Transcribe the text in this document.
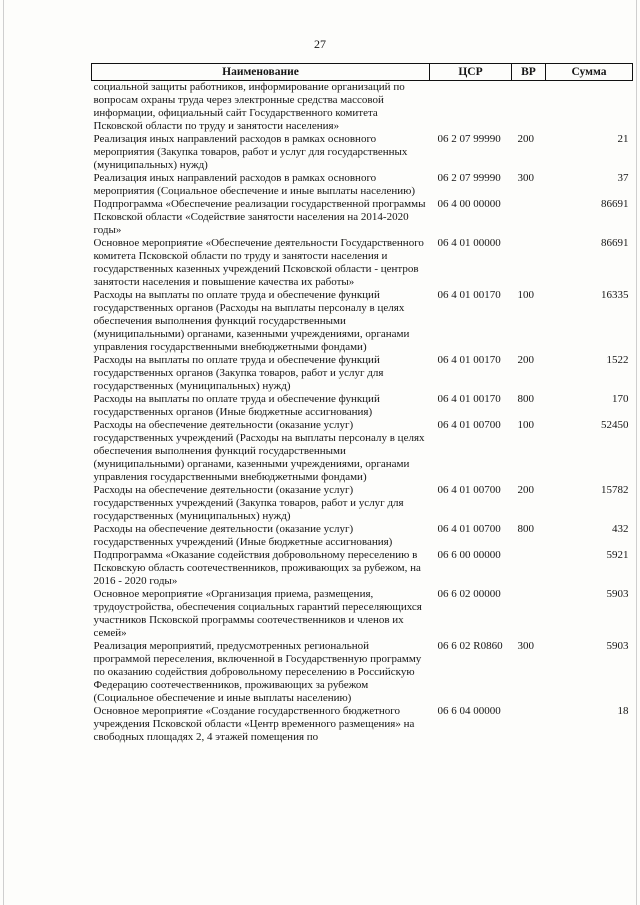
27
Наименование	ЦСР	ВР	Сумма
социальной защиты работников, информирование организаций по вопросам охраны труда через электронные средства массовой информации, официальный сайт Государственного комитета Псковской области по труду и занятости населения»			
Реализация иных направлений расходов в рамках основного мероприятия (Закупка товаров, работ и услуг для государственных (муниципальных) нужд)	06 2 07 99990	200	21
Реализация иных направлений расходов в рамках основного мероприятия (Социальное обеспечение и иные выплаты населению)	06 2 07 99990	300	37
Подпрограмма «Обеспечение реализации государственной программы Псковской области «Содействие занятости населения на 2014-2020 годы»	06 4 00 00000		86691
Основное мероприятие «Обеспечение деятельности Государственного комитета Псковской области по труду и занятости населения и государственных казенных учреждений Псковской области - центров занятости населения и повышение качества их работы»	06 4 01 00000		86691
Расходы на выплаты по оплате труда и обеспечение функций государственных органов (Расходы на выплаты персоналу в целях обеспечения выполнения функций государственными (муниципальными) органами, казенными учреждениями, органами управления государственными внебюджетными фондами)	06 4 01 00170	100	16335
Расходы на выплаты по оплате труда и обеспечение функций государственных органов (Закупка товаров, работ и услуг для государственных (муниципальных) нужд)	06 4 01 00170	200	1522
Расходы на выплаты по оплате труда и обеспечение функций государственных органов (Иные бюджетные ассигнования)	06 4 01 00170	800	170
Расходы на обеспечение деятельности (оказание услуг) государственных учреждений (Расходы на выплаты персоналу в целях обеспечения выполнения функций государственными (муниципальными) органами, казенными учреждениями, органами управления государственными внебюджетными фондами)	06 4 01 00700	100	52450
Расходы на обеспечение деятельности (оказание услуг) государственных учреждений (Закупка товаров, работ и услуг для государственных (муниципальных) нужд)	06 4 01 00700	200	15782
Расходы на обеспечение деятельности (оказание услуг) государственных учреждений (Иные бюджетные ассигнования)	06 4 01 00700	800	432
Подпрограмма «Оказание содействия добровольному переселению в Псковскую область соотечественников, проживающих за рубежом, на 2016 - 2020 годы»	06 6 00 00000		5921
Основное мероприятие «Организация приема, размещения, трудоустройства, обеспечения социальных гарантий переселяющихся участников Псковской программы соотечественников и членов их семей»	06 6 02 00000		5903
Реализация мероприятий, предусмотренных региональной программой переселения, включенной в Государственную программу по оказанию содействия добровольному переселению в Российскую Федерацию соотечественников, проживающих за рубежом (Социальное обеспечение и иные выплаты населению)	06 6 02 R0860	300	5903
Основное мероприятие «Создание государственного бюджетного учреждения Псковской области «Центр временного размещения» на свободных площадях 2, 4 этажей помещения по	06 6 04 00000		18
